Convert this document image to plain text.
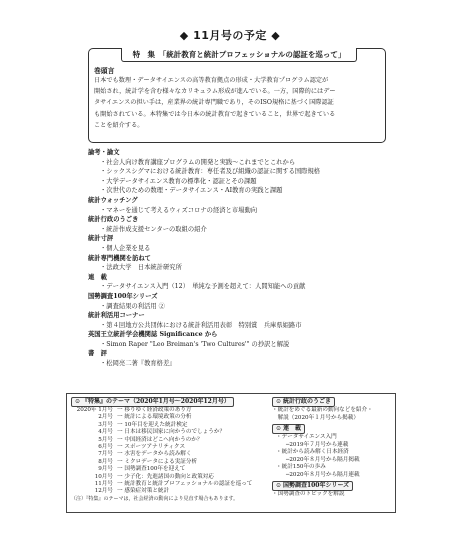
◆ 11月号の予定 ◆
特　集　「統計教育と統計プロフェッショナルの認証を巡って」
巻頭言
日本でも数理・データサイエンスの高等教育拠点の形成・大学教育プログラム認定が
開始され，統計学を含む様々なカリキュラム形成が進んでいる。一方，国際的にはデー
タサイエンスの担い手は，産業界の統計専門職であり，そのISO規格に基づく国際認証
も開始されている。本特集では今日本の統計教育で起きていること，世界で起きている
ことを紹介する。
論考・論文
・社会人向け教育講座プログラムの開発と実践～これまでとこれから
・シックスシグマにおける統計教育：専任者及び組織の認証に関する国際規格
・大学データサイエンス教育の標準化・認証とその課題
・次世代のための数理・データサイエンス・AI教育の実践と課題
統計ウォッチング
・マネーを通じて考えるウィズコロナの経済と市場動向
統計行政のうごき
・統計作成支援センターの取組の紹介
統計寸評
・個人企業を見る
統計専門機関を訪ねて
・法政大学　日本統計研究所
連　載
・データサイエンス入門（12）　単純な予測を超えて：人間知能への貢献
国勢調査100年シリーズ
・調査結果の利活用 ②
統計利活用コーナー
・第４回地方公共団体における統計利活用表彰　特別賞　兵庫県姫路市
英国王立統計学会機関誌 Significance から
・Simon Raper "Leo Breiman's 'Two Cultures'" の抄訳と解説
書　評
・松岡亮二著『教育格差』
⊙ 『特集』のテーマ（2020年1月号～2020年12月号）
2020年 1月号 一 移りゆく経済政策のあり方
2月号 一 統計による環境政策の分析
3月号 一 10年目を迎えた統計検定
4月号 一 日本は移民国家に向かうのでしょうか？
5月号 一 中国経済はどこへ向かうのか？
6月号 一 スポーツアナリティクス
7月号 一 水害をデータから読み解く
8月号 一 ミクロデータによる実証分析
9月号 一 国勢調査100年を迎えて
10月号 一 少子化：先進諸国の動向と政策対応
11月号 一 統計教育と統計プロフェッショナルの認証を巡って
12月号 一 感染症対策と統計
（注）『特集』のテーマは，社会経済の動向により見直す場合もあります。
⊙ 統計行政のうごき
・統計をめぐる最新の動向などを紹介・
　解説（2020年１月号から掲載）
⊙ 連　載
・データサイエンス入門
─2019年７月号から連載
・統計から読み解く日本経済
─2020年８月号から隔月掲載
・統計150年の歩み
─2020年８月号から隔月連載
⊙ 国勢調査100年シリーズ
・国勢調査のトピックを解説
